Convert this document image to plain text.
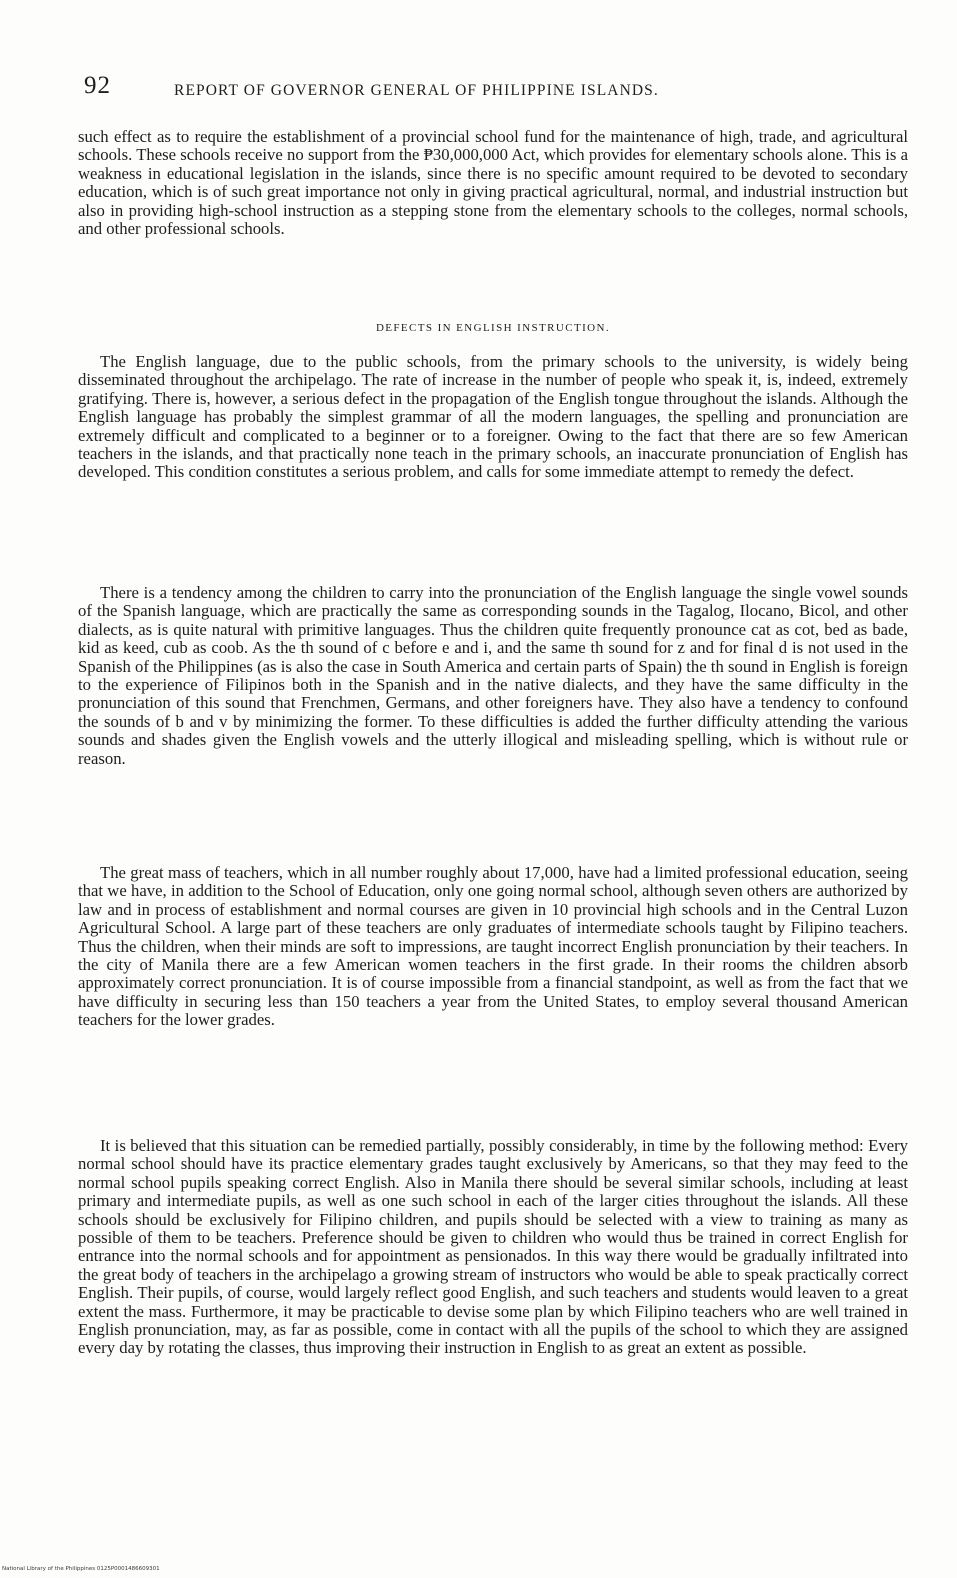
92	REPORT OF GOVERNOR GENERAL OF PHILIPPINE ISLANDS.

such effect as to require the establishment of a provincial school fund for the maintenance of high, trade, and agricultural schools. These schools receive no support from the ₱30,000,000 Act, which provides for elementary schools alone. This is a weakness in educational legislation in the islands, since there is no specific amount required to be devoted to secondary education, which is of such great importance not only in giving practical agricultural, normal, and industrial instruction but also in providing high-school instruction as a stepping stone from the elementary schools to the colleges, normal schools, and other professional schools.

DEFECTS IN ENGLISH INSTRUCTION.

The English language, due to the public schools, from the primary schools to the university, is widely being disseminated throughout the archipelago. The rate of increase in the number of people who speak it, is, indeed, extremely gratifying. There is, however, a serious defect in the propagation of the English tongue throughout the islands. Although the English language has probably the simplest grammar of all the modern languages, the spelling and pronunciation are extremely difficult and complicated to a beginner or to a foreigner. Owing to the fact that there are so few American teachers in the islands, and that practically none teach in the primary schools, an inaccurate pronunciation of English has developed. This condition constitutes a serious problem, and calls for some immediate attempt to remedy the defect.

There is a tendency among the children to carry into the pronunciation of the English language the single vowel sounds of the Spanish language, which are practically the same as corresponding sounds in the Tagalog, Ilocano, Bicol, and other dialects, as is quite natural with primitive languages. Thus the children quite frequently pronounce cat as cot, bed as bade, kid as keed, cub as coob. As the th sound of c before e and i, and the same th sound for z and for final d is not used in the Spanish of the Philippines (as is also the case in South America and certain parts of Spain) the th sound in English is foreign to the experience of Filipinos both in the Spanish and in the native dialects, and they have the same difficulty in the pronunciation of this sound that Frenchmen, Germans, and other foreigners have. They also have a tendency to confound the sounds of b and v by minimizing the former. To these difficulties is added the further difficulty attending the various sounds and shades given the English vowels and the utterly illogical and misleading spelling, which is without rule or reason.

The great mass of teachers, which in all number roughly about 17,000, have had a limited professional education, seeing that we have, in addition to the School of Education, only one going normal school, although seven others are authorized by law and in process of establishment and normal courses are given in 10 provincial high schools and in the Central Luzon Agricultural School. A large part of these teachers are only graduates of intermediate schools taught by Filipino teachers. Thus the children, when their minds are soft to impressions, are taught incorrect English pronunciation by their teachers. In the city of Manila there are a few American women teachers in the first grade. In their rooms the children absorb approximately correct pronunciation. It is of course impossible from a financial standpoint, as well as from the fact that we have difficulty in securing less than 150 teachers a year from the United States, to employ several thousand American teachers for the lower grades.

It is believed that this situation can be remedied partially, possibly considerably, in time by the following method: Every normal school should have its practice elementary grades taught exclusively by Americans, so that they may feed to the normal school pupils speaking correct English. Also in Manila there should be several similar schools, including at least primary and intermediate pupils, as well as one such school in each of the larger cities throughout the islands. All these schools should be exclusively for Filipino children, and pupils should be selected with a view to training as many as possible of them to be teachers. Preference should be given to children who would thus be trained in correct English for entrance into the normal schools and for appointment as pensionados. In this way there would be gradually infiltrated into the great body of teachers in the archipelago a growing stream of instructors who would be able to speak practically correct English. Their pupils, of course, would largely reflect good English, and such teachers and students would leaven to a great extent the mass. Furthermore, it may be practicable to devise some plan by which Filipino teachers who are well trained in English pronunciation, may, as far as possible, come in contact with all the pupils of the school to which they are assigned every day by rotating the classes, thus improving their instruction in English to as great an extent as possible.

National Library of the Philippines 0125P0001486609301
